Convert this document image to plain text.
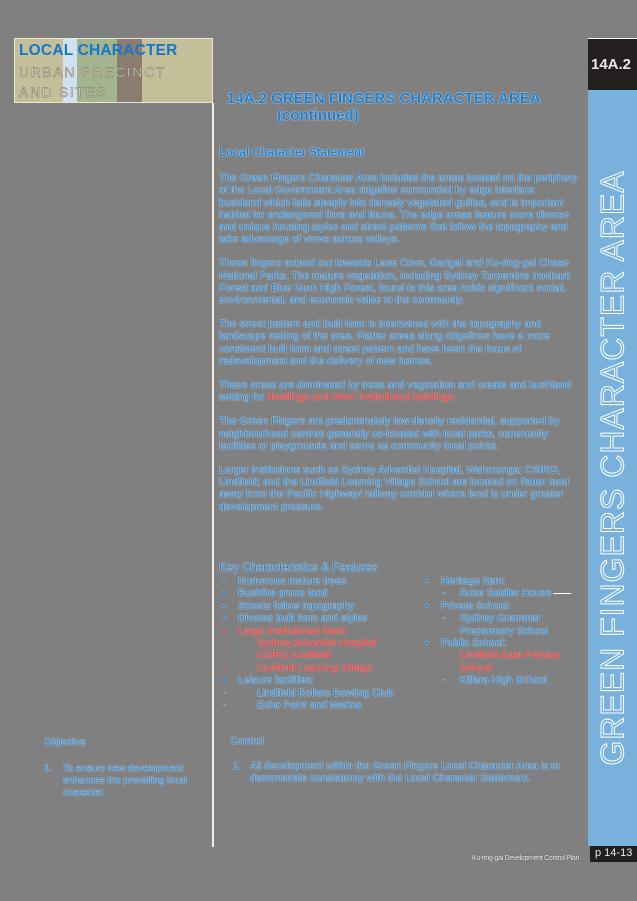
LOCAL CHARACTER
URBAN PRECINCT
AND SITES
14A.2
GREEN FINGERS CHARACTER AREA
p 14-13
Ku-ring-gai Development Control Plan
14A.2 GREEN FINGERS CHARACTER AREA
(continued)
Local Character Statement

The Green Fingers Character Area includes the areas located on the periphery of the Local Government Area ridgeline surrounded by edge interface bushland which falls steeply into densely vegetated gullies, and is important habitat for endangered flora and fauna. The edge areas feature more diverse and unique housing styles and street patterns that follow the topography and take advantage of views across valleys.

These fingers extend out towards Lane Cove, Garigal and Ku-ring-gai Chase National Parks. The mature vegetation, including Sydney Turpentine Ironbark Forest and Blue Gum High Forest, found in this area holds significant social, environmental, and economic value to the community.

The street pattern and built form is intertwined with the topography and landscape setting of the area. Flatter areas along ridgelines have a more consistent built form and street pattern and have been the focus of redevelopment and the delivery of new homes.

These areas are dominated by trees and vegetation and create and bushland setting for dwellings and other institutional buildings.

The Green Fingers are predominately low density residential, supported by neighbourhood centres generally co-located with local parks, community facilities or playgrounds and serve as community focal points.

Larger institutions such as Sydney Adventist Hospital, Wahroonga; CSIRO, Lindfield; and the Lindfield Learning Village School are located on flatter land away from the Pacific Highway/ railway corridor where land is under greater development pressure.

Key Characteristics & Features
▪ Numerous mature trees
▪ Bushfire prone land
▪ Streets follow topography
▪ Diverse built form and styles
▪ Large Institutional Sites:
-	Sydney Adventist Hospital
-	CSIRO Lindfield
-	Lindfield Learning Village
▪ Leisure facilities:
-	Lindfield Rollers Bowling Club
-	Echo Point and Marina
▪ Heritage Item:
- Rose Seidler House
▪ Private School:
- Sydney Grammar Preparatory School
▪ Public School:
- Lindfield East Primary School
- Killara High School
Objective
1. To ensure new development enhances the prevailing local character.
Control
1. All development within the Green Fingers Local Character Area is to demonstrate consistency with the Local Character Statement.
